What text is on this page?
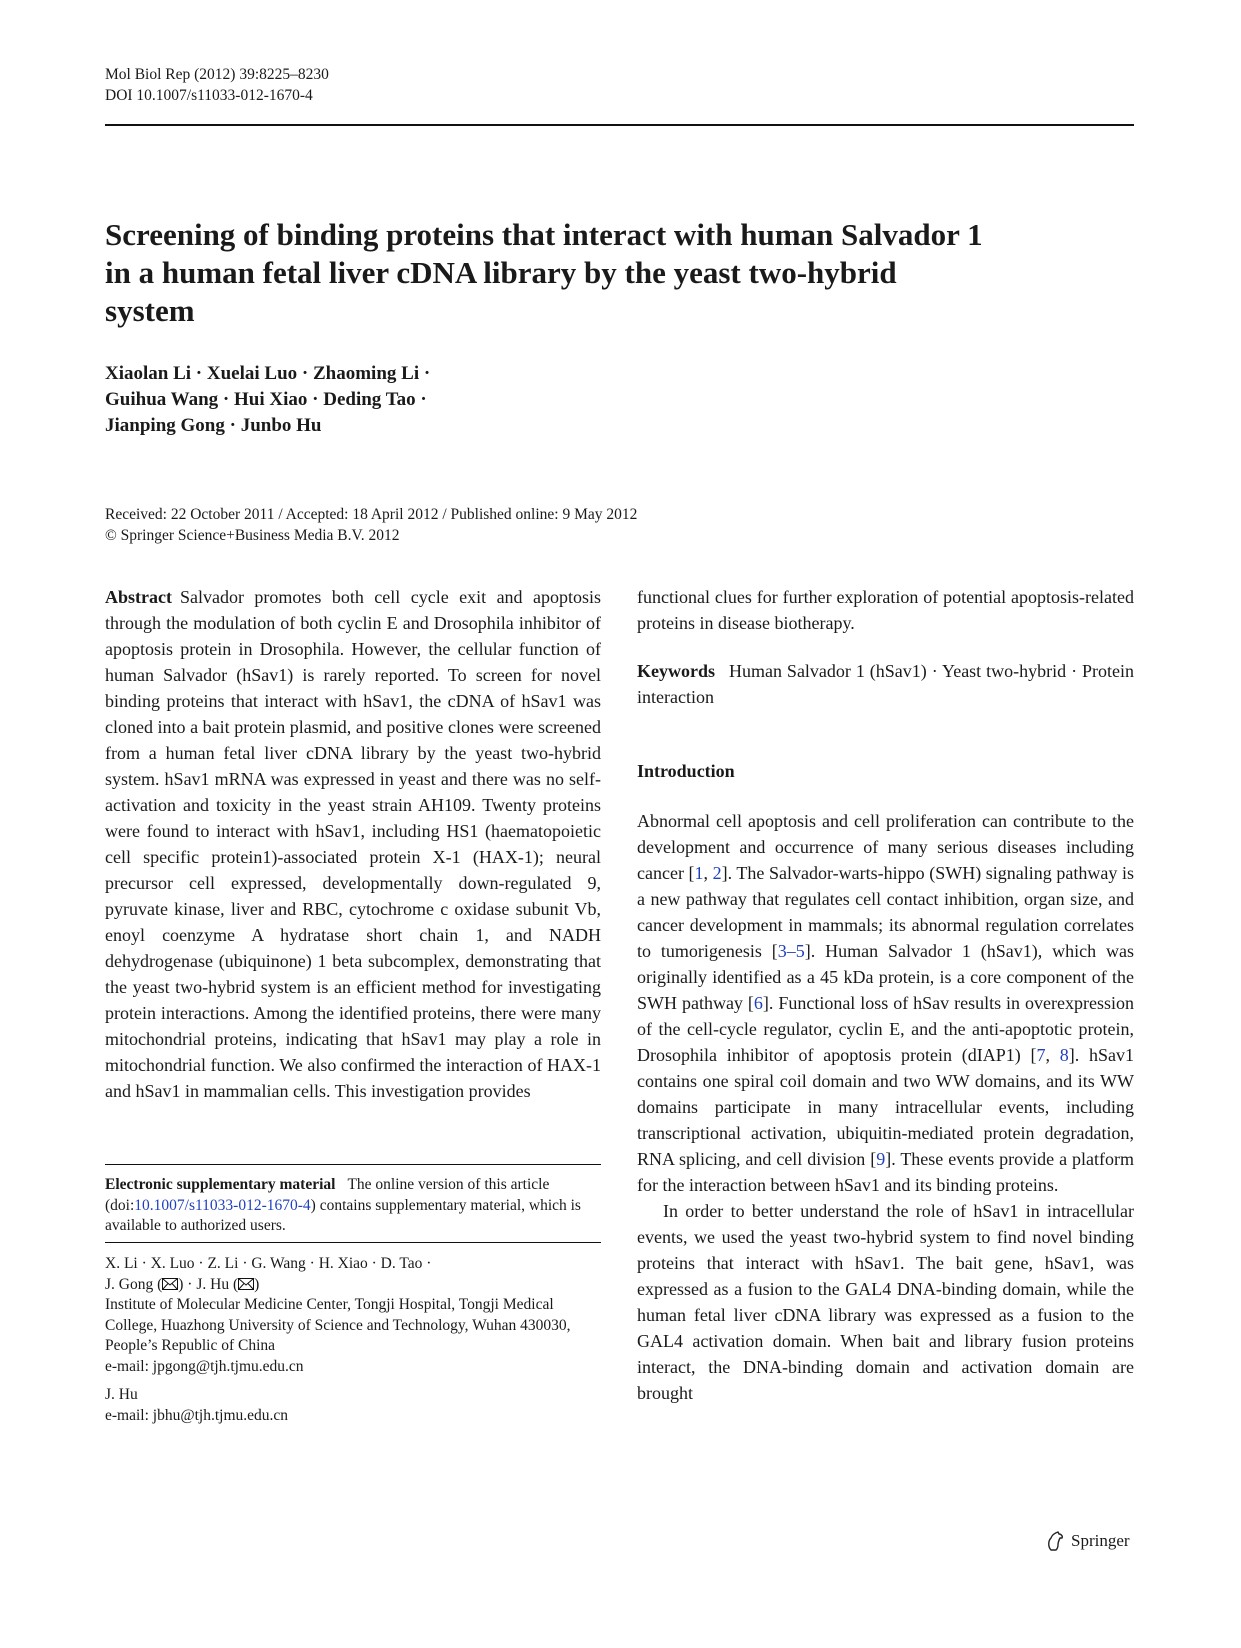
Mol Biol Rep (2012) 39:8225–8230
DOI 10.1007/s11033-012-1670-4
Screening of binding proteins that interact with human Salvador 1
in a human fetal liver cDNA library by the yeast two-hybrid
system
Xiaolan Li · Xuelai Luo · Zhaoming Li ·
Guihua Wang · Hui Xiao · Deding Tao ·
Jianping Gong · Junbo Hu
Received: 22 October 2011 / Accepted: 18 April 2012 / Published online: 9 May 2012
© Springer Science+Business Media B.V. 2012

Abstract Salvador promotes both cell cycle exit and apoptosis through the modulation of both cyclin E and Drosophila inhibitor of apoptosis protein in Drosophila. However, the cellular function of human Salvador (hSav1) is rarely reported. To screen for novel binding proteins that interact with hSav1, the cDNA of hSav1 was cloned into a bait protein plasmid, and positive clones were screened from a human fetal liver cDNA library by the yeast two-hybrid system. hSav1 mRNA was expressed in yeast and there was no self-activation and toxicity in the yeast strain AH109. Twenty proteins were found to interact with hSav1, including HS1 (haematopoietic cell specific protein1)-associated protein X-1 (HAX-1); neural precursor cell expressed, developmentally down-regulated 9, pyruvate kinase, liver and RBC, cytochrome c oxidase subunit Vb, enoyl coenzyme A hydratase short chain 1, and NADH dehydrogenase (ubiquinone) 1 beta subcomplex, demonstrating that the yeast two-hybrid system is an efficient method for investigating protein interactions. Among the identified proteins, there were many mitochondrial proteins, indicating that hSav1 may play a role in mitochondrial function. We also confirmed the interaction of HAX-1 and hSav1 in mammalian cells. This investigation provides

Electronic supplementary material The online version of this article (doi:10.1007/s11033-012-1670-4) contains supplementary material, which is available to authorized users.

X. Li · X. Luo · Z. Li · G. Wang · H. Xiao · D. Tao ·

J. Gong ( ) · J. Hu ( )

Institute of Molecular Medicine Center, Tongji Hospital, Tongji Medical College, Huazhong University of Science and Technology, Wuhan 430030, People’s Republic of China

e-mail: jpgong@tjh.tjmu.edu.cn

J. Hu

e-mail: jbhu@tjh.tjmu.edu.cn

functional clues for further exploration of potential apoptosis-related proteins in disease biotherapy.

Keywords Human Salvador 1 (hSav1) · Yeast two-hybrid · Protein interaction

Introduction

Abnormal cell apoptosis and cell proliferation can contribute to the development and occurrence of many serious diseases including cancer [1, 2]. The Salvador-warts-hippo (SWH) signaling pathway is a new pathway that regulates cell contact inhibition, organ size, and cancer development in mammals; its abnormal regulation correlates to tumorigenesis [3–5]. Human Salvador 1 (hSav1), which was originally identified as a 45 kDa protein, is a core component of the SWH pathway [6]. Functional loss of hSav results in overexpression of the cell-cycle regulator, cyclin E, and the anti-apoptotic protein, Drosophila inhibitor of apoptosis protein (dIAP1) [7, 8]. hSav1 contains one spiral coil domain and two WW domains, and its WW domains participate in many intracellular events, including transcriptional activation, ubiquitin-mediated protein degradation, RNA splicing, and cell division [9]. These events provide a platform for the interaction between hSav1 and its binding proteins.

In order to better understand the role of hSav1 in intracellular events, we used the yeast two-hybrid system to find novel binding proteins that interact with hSav1. The bait gene, hSav1, was expressed as a fusion to the GAL4 DNA-binding domain, while the human fetal liver cDNA library was expressed as a fusion to the GAL4 activation domain. When bait and library fusion proteins interact, the DNA-binding domain and activation domain are brought

Springer
